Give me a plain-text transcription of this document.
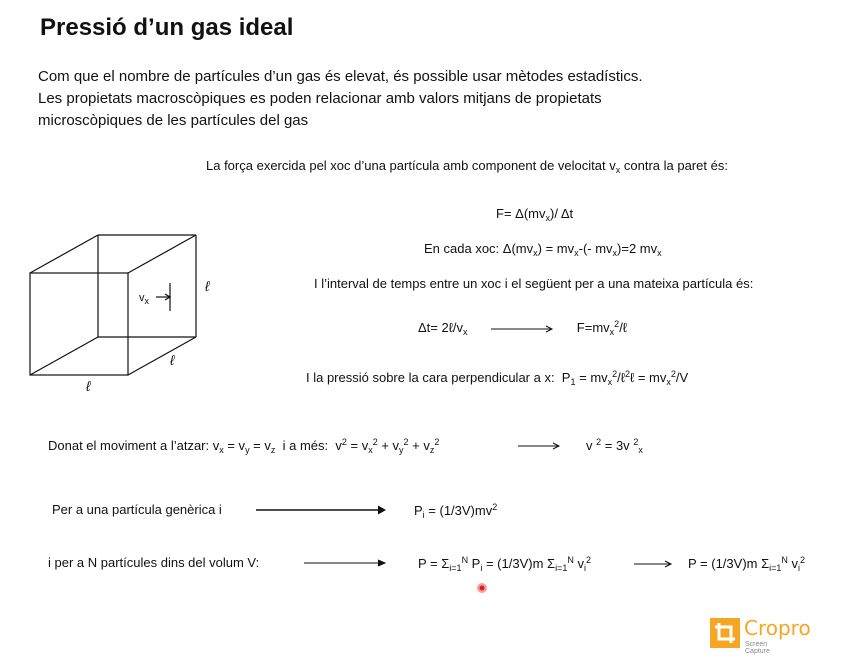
Pressió d’un gas ideal
Com que el nombre de partícules d’un gas és elevat, és possible usar mètodes estadístics.
Les propietats macroscòpiques es poden relacionar amb valors mitjans de propietats
microscòpiques de les partícules del gas
La força exercida pel xoc d’una partícula amb component de velocitat $v_x$ contra la paret és:
$F= \Delta(mv_x)/$ Δt
En cada xoc: $\Delta(mv_x) = mv_x-(-$ $mv_x)=2$ $mv_x$
I l’interval de temps entre un xoc i el següent per a una mateixa partícula és:
$\Delta t= 2\ell/v_x$	$F=mv_x^2/\ell$
I la pressió sobre la cara perpendicular a x:  $P_1$ = $mv_x^2/\ell^2\ell = mv_x^2/V$
$v_x$
ℓ
ℓ
ℓ
Donat el moviment a l’atzar: $v_x = v_y = v_z$  i a més:  $v^2 = v_x^2 + v_y^2 + v_z^2$	v $^2$ = 3v $^2_x$
Per a una partícula genèrica i	$P_i = (1/3V)mv^2$
i per a N partícules dins del volum V:	$P = \Sigma_{i=1}^N$ $P_i = (1/3V)m$ $\Sigma_{i=1}^N$ $v_i^2$	P = (1/3V)m $\Sigma_{i=1}^N$ $v_i^2$
Cropro
Screen Capture
